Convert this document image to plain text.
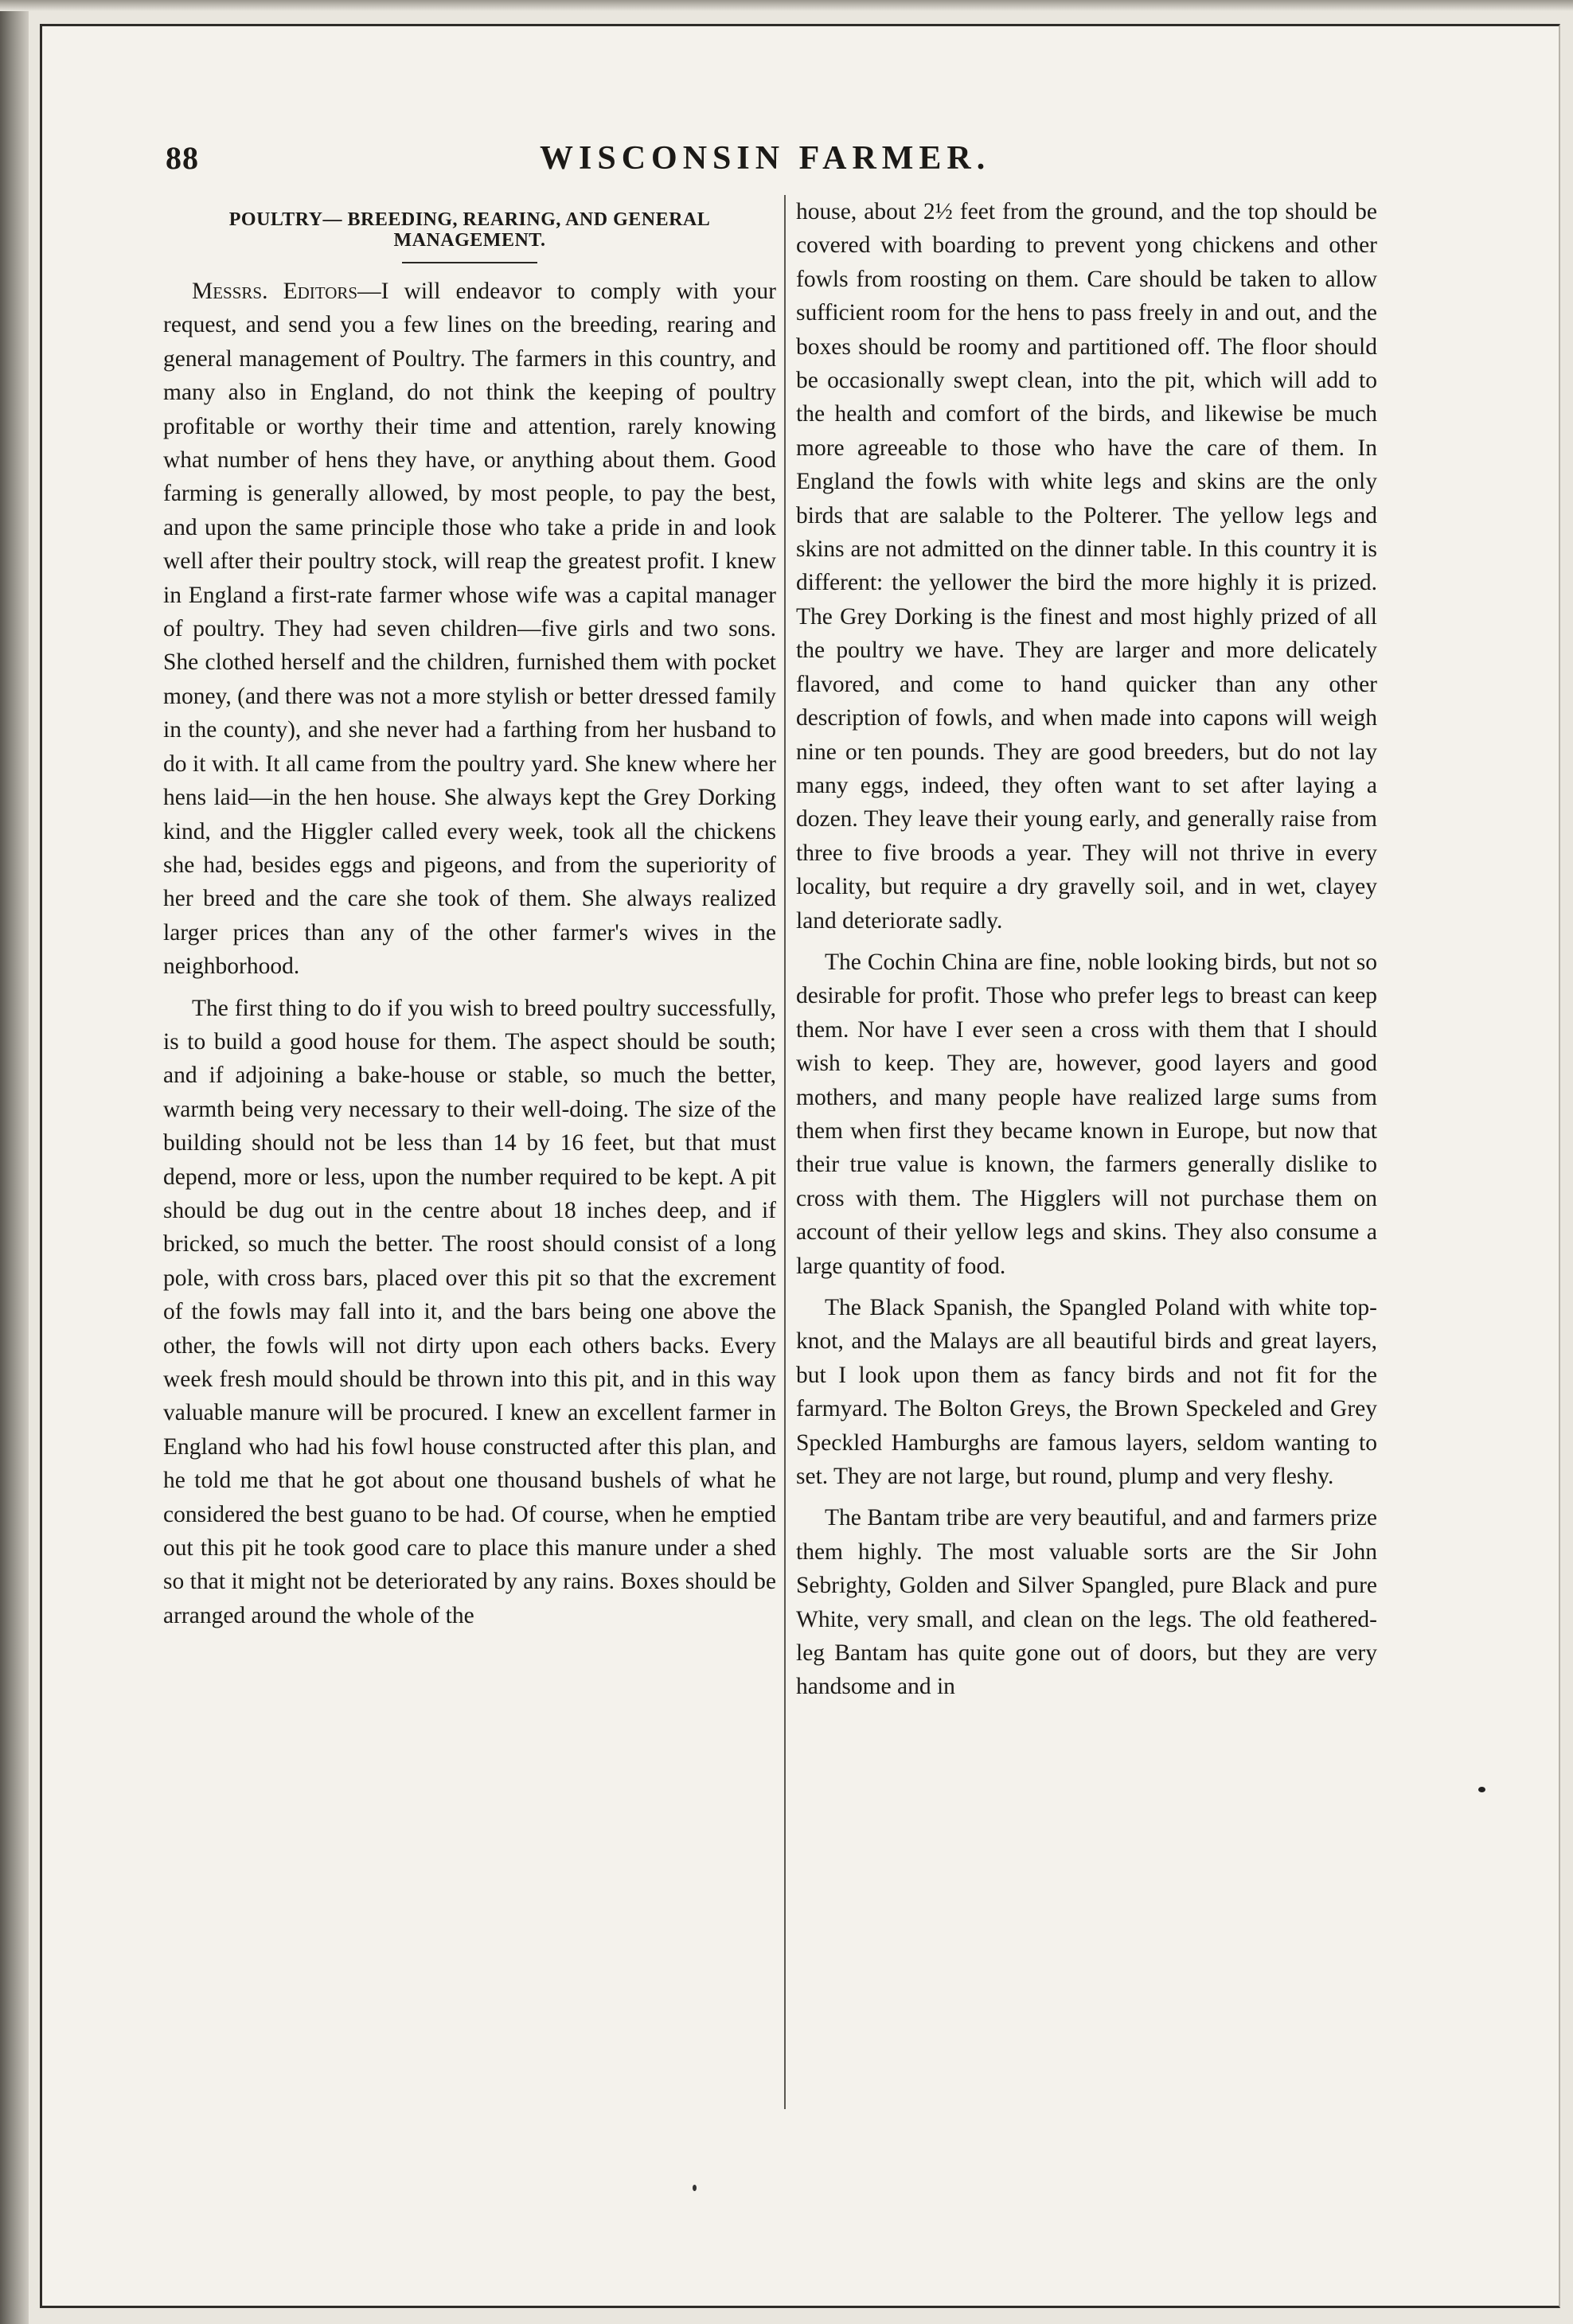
88	WISCONSIN FARMER.
POULTRY— BREEDING, REARING, AND GENERAL MANAGEMENT.

Messrs. Editors—I will endeavor to comply with your request, and send you a few lines on the breeding, rearing and general management of Poultry. The farmers in this country, and many also in England, do not think the keeping of poultry profitable or worthy their time and attention, rarely knowing what number of hens they have, or anything about them. Good farming is generally allowed, by most people, to pay the best, and upon the same principle those who take a pride in and look well after their poultry stock, will reap the greatest profit. I knew in England a first-rate farmer whose wife was a capital manager of poultry. They had seven children—five girls and two sons. She clothed herself and the children, furnished them with pocket money, (and there was not a more stylish or better dressed family in the county), and she never had a farthing from her husband to do it with. It all came from the poultry yard. She knew where her hens laid—in the hen house. She always kept the Grey Dorking kind, and the Higgler called every week, took all the chickens she had, besides eggs and pigeons, and from the superiority of her breed and the care she took of them. She always realized larger prices than any of the other farmer's wives in the neighborhood.

The first thing to do if you wish to breed poultry successfully, is to build a good house for them. The aspect should be south; and if adjoining a bake-house or stable, so much the better, warmth being very necessary to their well-doing. The size of the building should not be less than 14 by 16 feet, but that must depend, more or less, upon the number required to be kept. A pit should be dug out in the centre about 18 inches deep, and if bricked, so much the better. The roost should consist of a long pole, with cross bars, placed over this pit so that the excrement of the fowls may fall into it, and the bars being one above the other, the fowls will not dirty upon each others backs. Every week fresh mould should be thrown into this pit, and in this way valuable manure will be procured. I knew an excellent farmer in England who had his fowl house constructed after this plan, and he told me that he got about one thousand bushels of what he considered the best guano to be had. Of course, when he emptied out this pit he took good care to place this manure under a shed so that it might not be deteriorated by any rains. Boxes should be arranged around the whole of the

house, about 2½ feet from the ground, and the top should be covered with boarding to prevent yong chickens and other fowls from roosting on them. Care should be taken to allow sufficient room for the hens to pass freely in and out, and the boxes should be roomy and partitioned off. The floor should be occasionally swept clean, into the pit, which will add to the health and comfort of the birds, and likewise be much more agreeable to those who have the care of them. In England the fowls with white legs and skins are the only birds that are salable to the Polterer. The yellow legs and skins are not admitted on the dinner table. In this country it is different: the yellower the bird the more highly it is prized. The Grey Dorking is the finest and most highly prized of all the poultry we have. They are larger and more delicately flavored, and come to hand quicker than any other description of fowls, and when made into capons will weigh nine or ten pounds. They are good breeders, but do not lay many eggs, indeed, they often want to set after laying a dozen. They leave their young early, and generally raise from three to five broods a year. They will not thrive in every locality, but require a dry gravelly soil, and in wet, clayey land deteriorate sadly.

The Cochin China are fine, noble looking birds, but not so desirable for profit. Those who prefer legs to breast can keep them. Nor have I ever seen a cross with them that I should wish to keep. They are, however, good layers and good mothers, and many people have realized large sums from them when first they became known in Europe, but now that their true value is known, the farmers generally dislike to cross with them. The Higglers will not purchase them on account of their yellow legs and skins. They also consume a large quantity of food.

The Black Spanish, the Spangled Poland with white top-knot, and the Malays are all beautiful birds and great layers, but I look upon them as fancy birds and not fit for the farmyard. The Bolton Greys, the Brown Speckeled and Grey Speckled Hamburghs are famous layers, seldom wanting to set. They are not large, but round, plump and very fleshy.

The Bantam tribe are very beautiful, and and farmers prize them highly. The most valuable sorts are the Sir John Sebrighty, Golden and Silver Spangled, pure Black and pure White, very small, and clean on the legs. The old feathered-leg Bantam has quite gone out of doors, but they are very handsome and in
